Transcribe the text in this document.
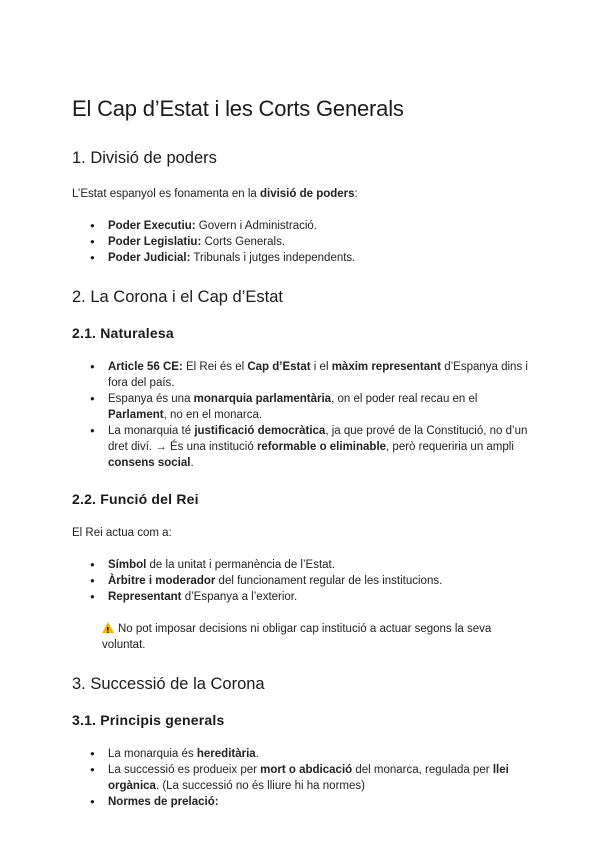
El Cap d’Estat i les Corts Generals
1. Divisió de poders

L’Estat espanyol es fonamenta en la divisió de poders:

● Poder Executiu: Govern i Administració.
● Poder Legislatiu: Corts Generals.
● Poder Judicial: Tribunals i jutges independents.
2. La Corona i el Cap d’Estat
2.1. Naturalesa
● Article 56 CE: El Rei és el Cap d’Estat i el màxim representant d’Espanya dins i fora del país.
● Espanya és una monarquia parlamentària, on el poder real recau en el Parlament, no en el monarca.
● La monarquia té justificació democràtica, ja que prové de la Constitució, no d’un dret diví. → És una institució reformable o eliminable, però requeriria un ampli consens social.
2.2. Funció del Rei

El Rei actua com a:

● Símbol de la unitat i permanència de l’Estat.
● Àrbitre i moderador del funcionament regular de les institucions.
● Representant d’Espanya a l’exterior.
!No pot imposar decisions ni obligar cap institució a actuar segons la seva voluntat.
3. Successió de la Corona
3.1. Principis generals
● La monarquia és hereditària.
● La successió es produeix per mort o abdicació del monarca, regulada per llei orgànica. (La successió no és lliure hi ha normes)
● Normes de prelació:
